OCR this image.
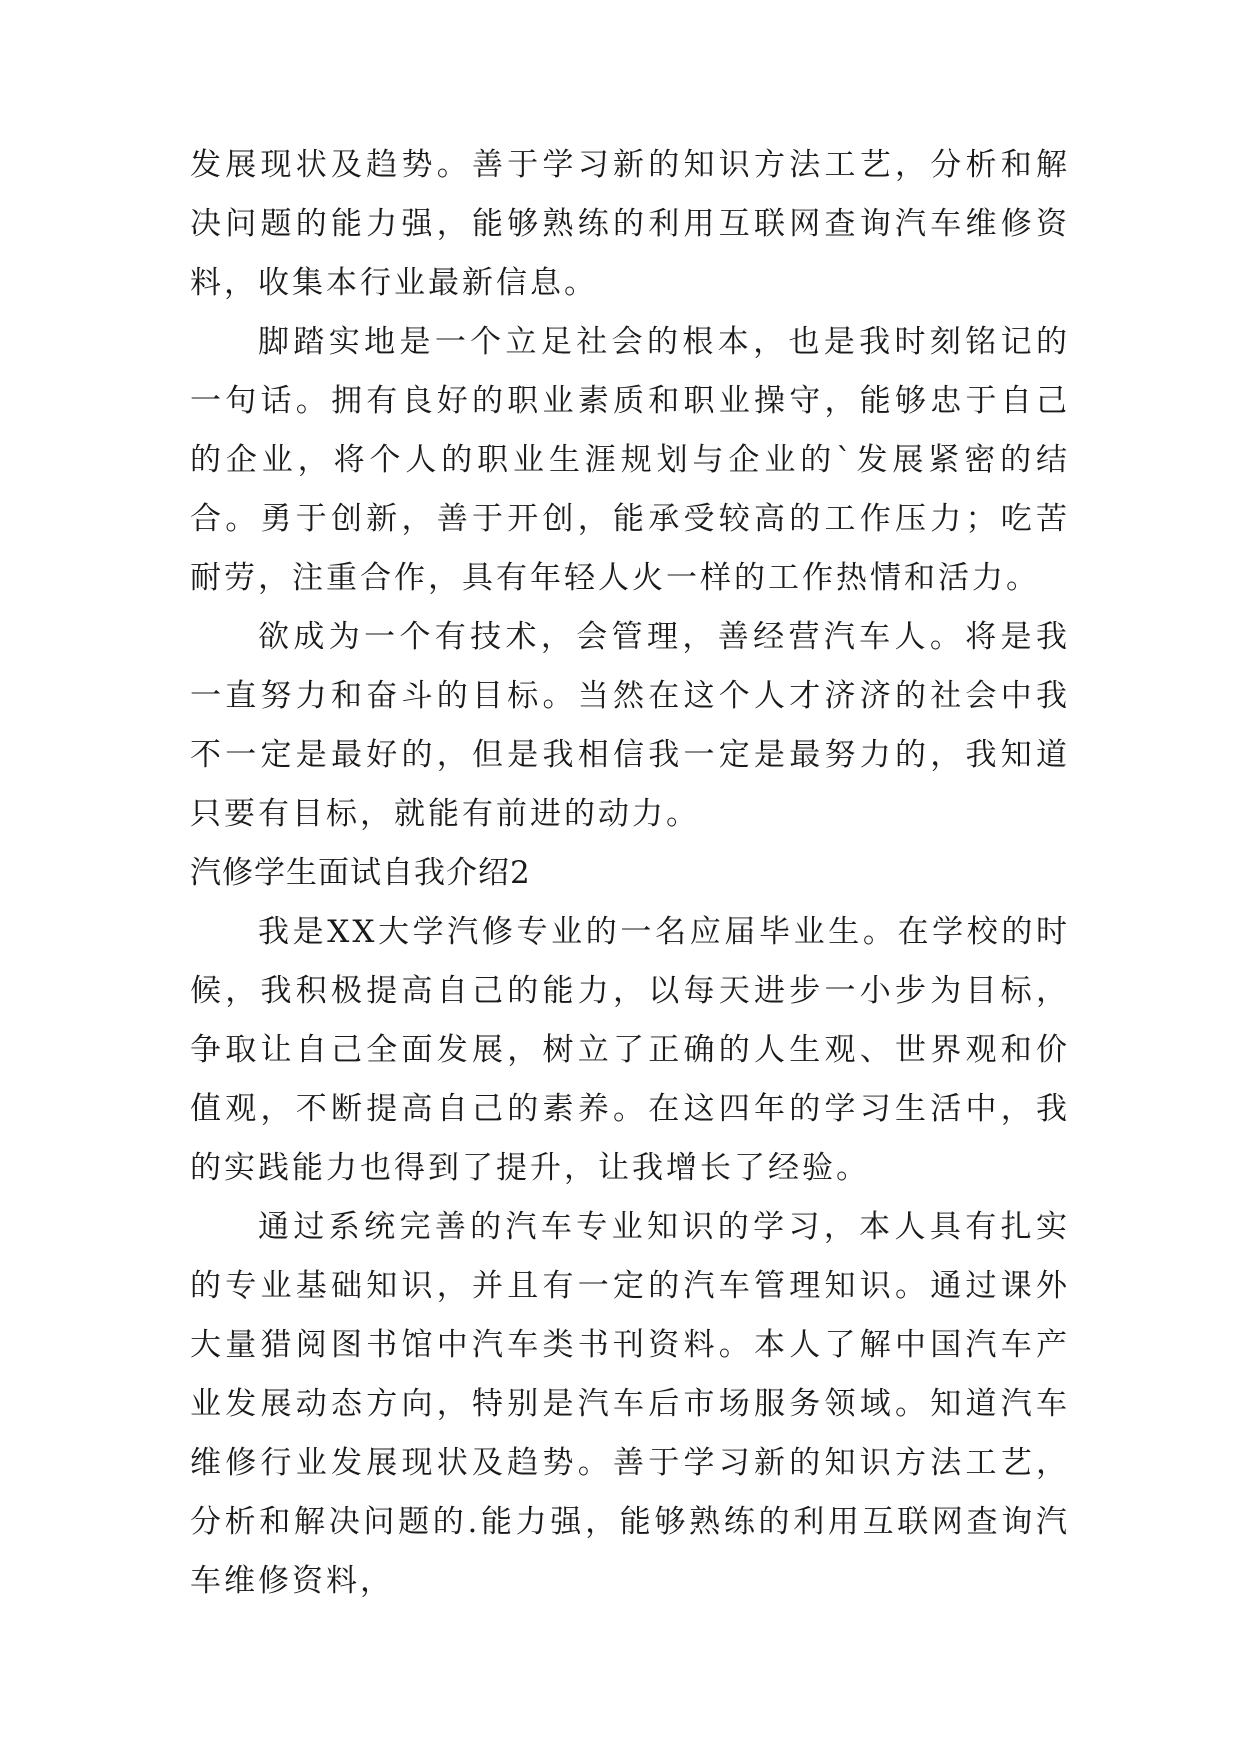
发展现状及趋势。善于学习新的知识方法工艺，分析和解决问题的能力强，能够熟练的利用互联网查询汽车维修资料，收集本行业最新信息。

脚踏实地是一个立足社会的根本，也是我时刻铭记的一句话。拥有良好的职业素质和职业操守，能够忠于自己的企业，将个人的职业生涯规划与企业的`发展紧密的结合。勇于创新，善于开创，能承受较高的工作压力；吃苦耐劳，注重合作，具有年轻人火一样的工作热情和活力。

欲成为一个有技术，会管理，善经营汽车人。将是我一直努力和奋斗的目标。当然在这个人才济济的社会中我不一定是最好的，但是我相信我一定是最努力的，我知道只要有目标，就能有前进的动力。

汽修学生面试自我介绍2

我是XX大学汽修专业的一名应届毕业生。在学校的时候，我积极提高自己的能力，以每天进步一小步为目标，争取让自己全面发展，树立了正确的人生观、世界观和价值观，不断提高自己的素养。在这四年的学习生活中，我的实践能力也得到了提升，让我增长了经验。

通过系统完善的汽车专业知识的学习，本人具有扎实的专业基础知识，并且有一定的汽车管理知识。通过课外大量猎阅图书馆中汽车类书刊资料。本人了解中国汽车产业发展动态方向，特别是汽车后市场服务领域。知道汽车维修行业发展现状及趋势。善于学习新的知识方法工艺，分析和解决问题的.能力强，能够熟练的利用互联网查询汽车维修资料，
